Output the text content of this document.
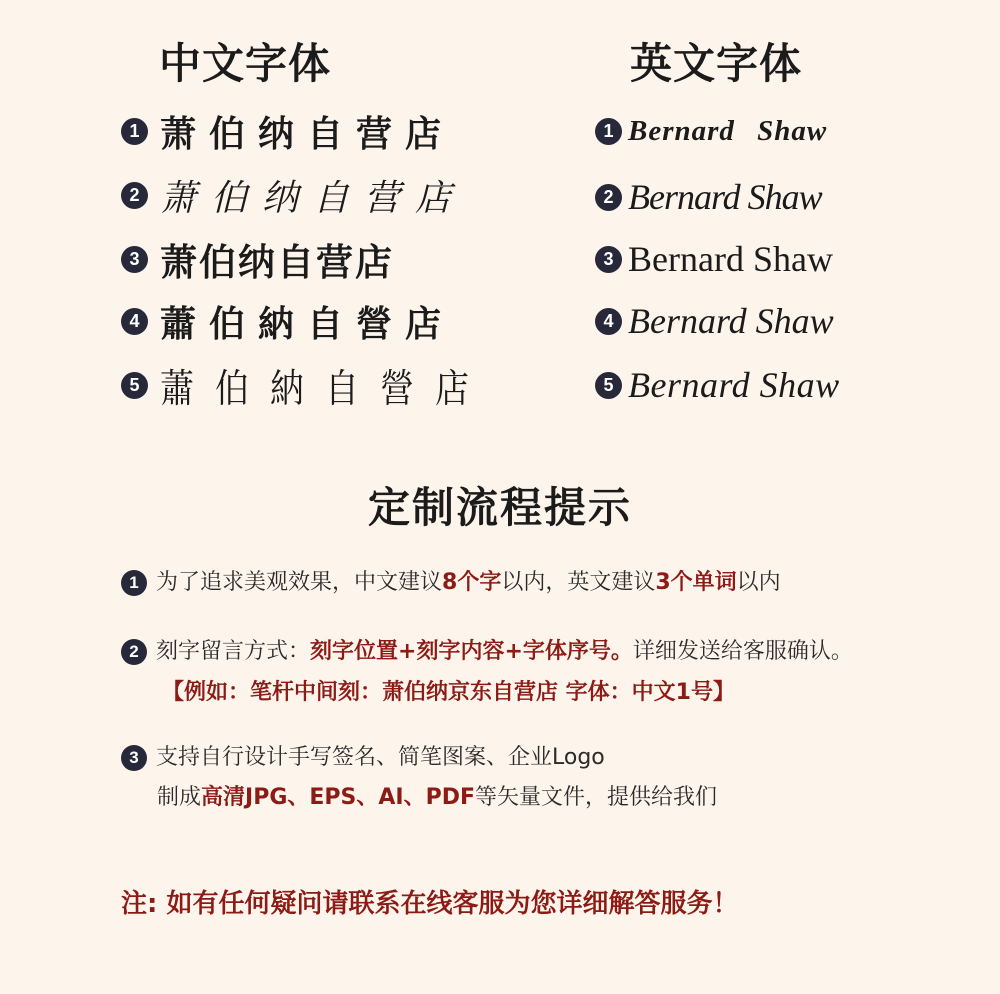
中文字体
1 萧伯纳自营店
2 萧伯纳自营店
3 萧伯纳自营店
4 蕭伯納自營店
5 蕭伯納自營店
英文字体
1 Bernard Shaw
2 Bernard Shaw
3 Bernard Shaw
4 Bernard Shaw
5 Bernard Shaw
定制流程提示
1 为了追求美观效果，中文建议 8个字 以内，英文建议 3个单词 以内
2 刻字留言方式： 刻字位置+刻字内容+字体序号。 详细发送给客服确认。
【例如：笔杆中间刻：萧伯纳京东自营店 字体：中文1号】
3 支持自行设计手写签名、简笔图案、企业Logo
制成 高清JPG、EPS、AI、PDF 等矢量文件，提供给我们
注: 如有任何疑问请联系在线客服为您详细解答服务！
